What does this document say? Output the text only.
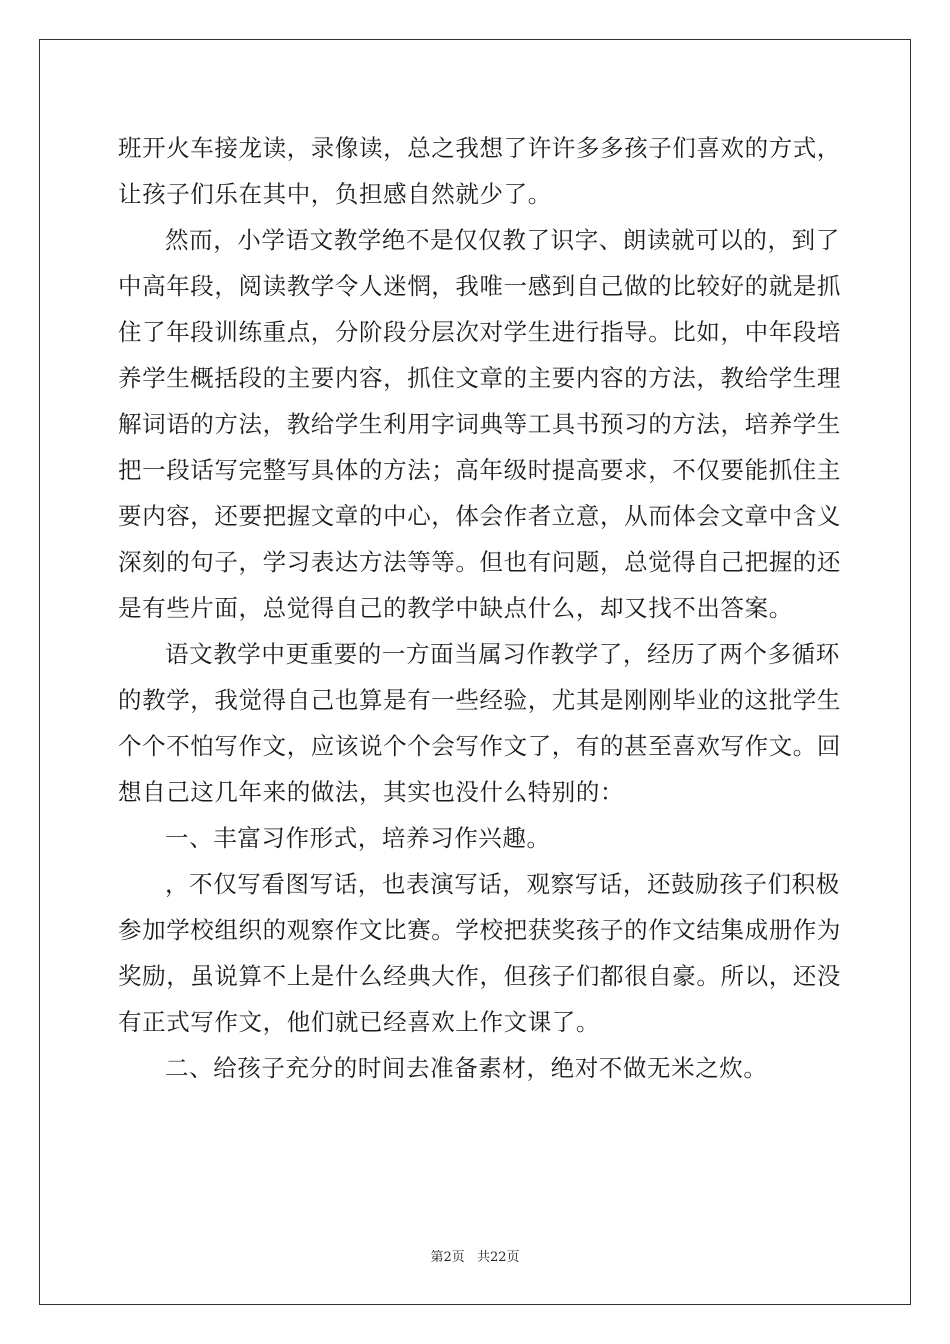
班开火车接龙读，录像读，总之我想了许许多多孩子们喜欢的方式，
让孩子们乐在其中，负担感自然就少了。
然而，小学语文教学绝不是仅仅教了识字、朗读就可以的，到了
中高年段，阅读教学令人迷惘，我唯一感到自己做的比较好的就是抓
住了年段训练重点，分阶段分层次对学生进行指导。比如，中年段培
养学生概括段的主要内容，抓住文章的主要内容的方法，教给学生理
解词语的方法，教给学生利用字词典等工具书预习的方法，培养学生
把一段话写完整写具体的方法；高年级时提高要求，不仅要能抓住主
要内容，还要把握文章的中心，体会作者立意，从而体会文章中含义
深刻的句子，学习表达方法等等。但也有问题，总觉得自己把握的还
是有些片面，总觉得自己的教学中缺点什么，却又找不出答案。
语文教学中更重要的一方面当属习作教学了，经历了两个多循环
的教学，我觉得自己也算是有一些经验，尤其是刚刚毕业的这批学生
个个不怕写作文，应该说个个会写作文了，有的甚至喜欢写作文。回
想自己这几年来的做法，其实也没什么特别的：
一、丰富习作形式，培养习作兴趣。
，不仅写看图写话，也表演写话，观察写话，还鼓励孩子们积极
参加学校组织的观察作文比赛。学校把获奖孩子的作文结集成册作为
奖励，虽说算不上是什么经典大作，但孩子们都很自豪。所以，还没
有正式写作文，他们就已经喜欢上作文课了。
二、给孩子充分的时间去准备素材，绝对不做无米之炊。
第2页 共22页
